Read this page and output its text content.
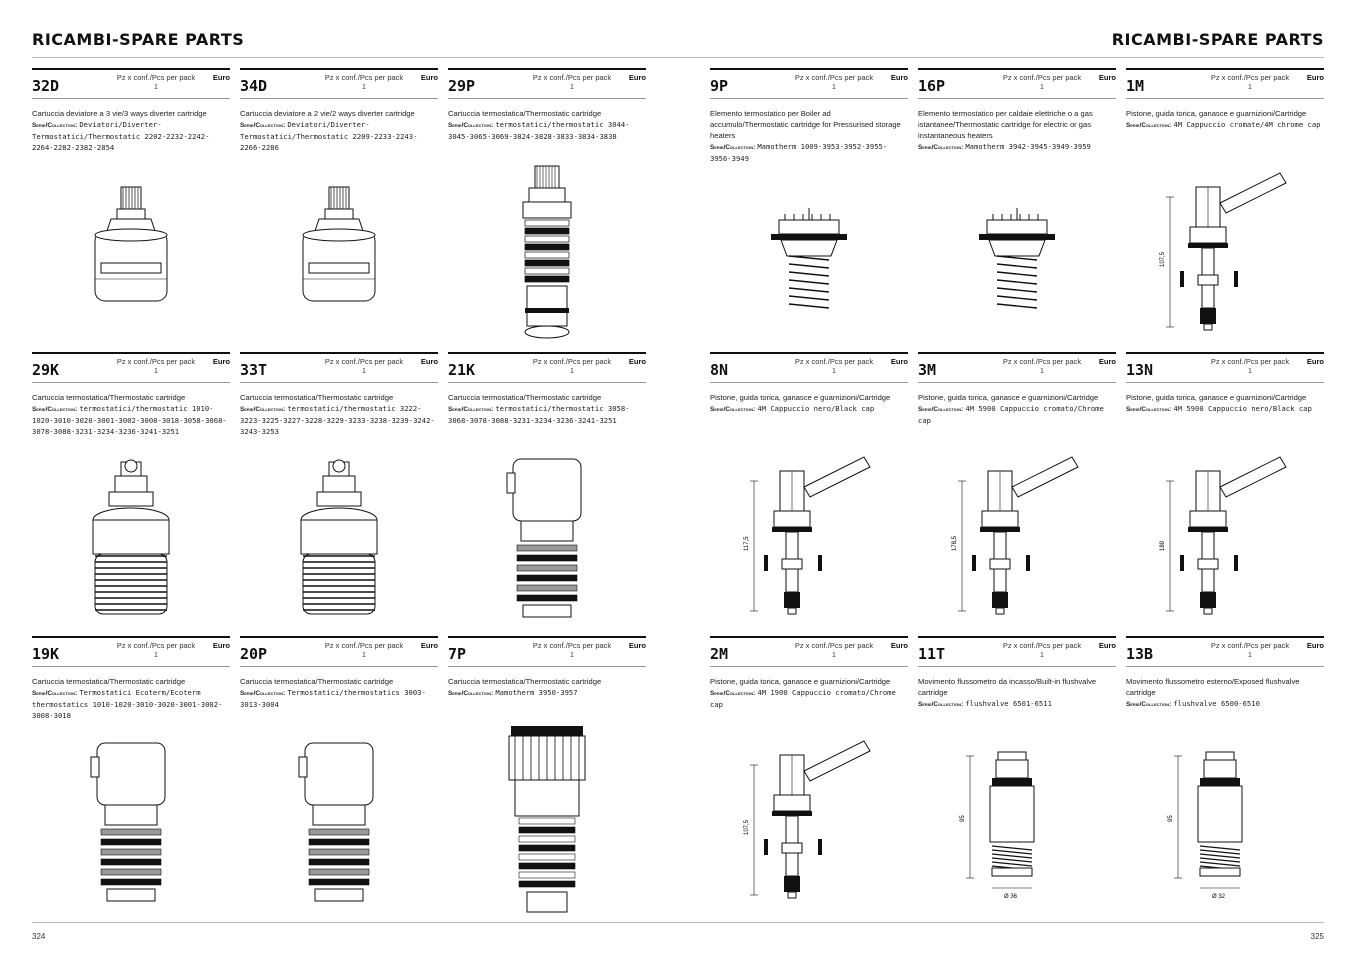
RICAMBI-SPARE PARTS
324
32D	Pz x conf./Pcs per pack
1
Euro
Cartuccia deviatore a 3 vie/3 ways diverter cartridge
Serie/Collection: Deviatori/Diverter-Termostatici/Thermostatic 2202-2232-2242-2264-2282-2382-2854
34D	Pz x conf./Pcs per pack
1
Euro
Cartuccia deviatore a 2 vie/2 ways diverter cartridge
Serie/Collection: Deviatori/Diverter-Termostatici/Thermostatic 2209-2233-2243-2266-2286
29P	Pz x conf./Pcs per pack
1
Euro
Cartuccia termostatica/Thermostatic cartridge
Serie/Collection: termostatici/thermostatic 3044-3045-3065-3069-3824-3828-3833-3834-3838
29K	Pz x conf./Pcs per pack
1
Euro
Cartuccia termostatica/Thermostatic cartridge
Serie/Collection: termostatici/thermostatic 1010-1020-3010-3020-3001-3002-3008-3018-3058-3068-3078-3088-3231-3234-3236-3241-3251
33T	Pz x conf./Pcs per pack
1
Euro
Cartuccia termostatica/Thermostatic cartridge
Serie/Collection: termostatici/thermostatic 3222-3223-3225-3227-3228-3229-3233-3238-3239-3242-3243-3253
21K	Pz x conf./Pcs per pack
1
Euro
Cartuccia termostatica/Thermostatic cartridge
Serie/Collection: termostatici/thermostatic 3058-3068-3078-3088-3231-3234-3236-3241-3251
19K	Pz x conf./Pcs per pack
1
Euro
Cartuccia termostatica/Thermostatic cartridge
Serie/Collection: Termostatici Ecoterm/Ecoterm thermostatics 1010-1020-3010-3020-3001-3002-3008-3018
20P	Pz x conf./Pcs per pack
1
Euro
Cartuccia termostatica/Thermostatic cartridge
Serie/Collection: Termostatici/thermostatics 3003-3013-3004
7P	Pz x conf./Pcs per pack
1
Euro
Cartuccia termostatica/Thermostatic cartridge
Serie/Collection: Mamotherm 3950-3957
RICAMBI-SPARE PARTS
325
9P	Pz x conf./Pcs per pack
1
Euro
Elemento termostatico per Boiler ad accumulo/Thermostatic cartridge for Pressurised storage heaters
Serie/Collection: Mamotherm 1009-3953-3952-3955-3956-3949
16P	Pz x conf./Pcs per pack
1
Euro
Elemento termostatico per caldaie elettriche o a gas istantanee/Thermostatic cartridge for electric or gas instantaneous heaters
Serie/Collection: Mamotherm 3942-3945-3949-3959
1M	Pz x conf./Pcs per pack
1
Euro
Pistone, guida torica, ganasce e guarnizioni/Cartridge
Serie/Collection: 4M Cappuccio cromate/4M chrome cap
107,5
8N	Pz x conf./Pcs per pack
1
Euro
Pistone, guida torica, ganasce e guarnizioni/Cartridge
Serie/Collection: 4M Cappuccio nero/Black cap
117,5
3M	Pz x conf./Pcs per pack
1
Euro
Pistone, guida torica, ganasce e guarnizioni/Cartridge
Serie/Collection: 4M 5900 Cappuccio cromato/Chrome cap
178,5
13N	Pz x conf./Pcs per pack
1
Euro
Pistone, guida torica, ganasce e guarnizioni/Cartridge
Serie/Collection: 4M 5900 Cappuccio nero/Black cap
189
2M	Pz x conf./Pcs per pack
1
Euro
Pistone, guida torica, ganasce e guarnizioni/Cartridge
Serie/Collection: 4M 1900 Cappuccio cromato/Chrome cap
107,5
11T	Pz x conf./Pcs per pack
1
Euro
Movimento flussometro da incasso/Built-in flushvalve cartridge
Serie/Collection: flushvalve 6501-6511
95
Ø 36
13B	Pz x conf./Pcs per pack
1
Euro
Movimento flussometro esterno/Exposed flushvalve cartridge
Serie/Collection: flushvalve 6500-6510
95
Ø 32
